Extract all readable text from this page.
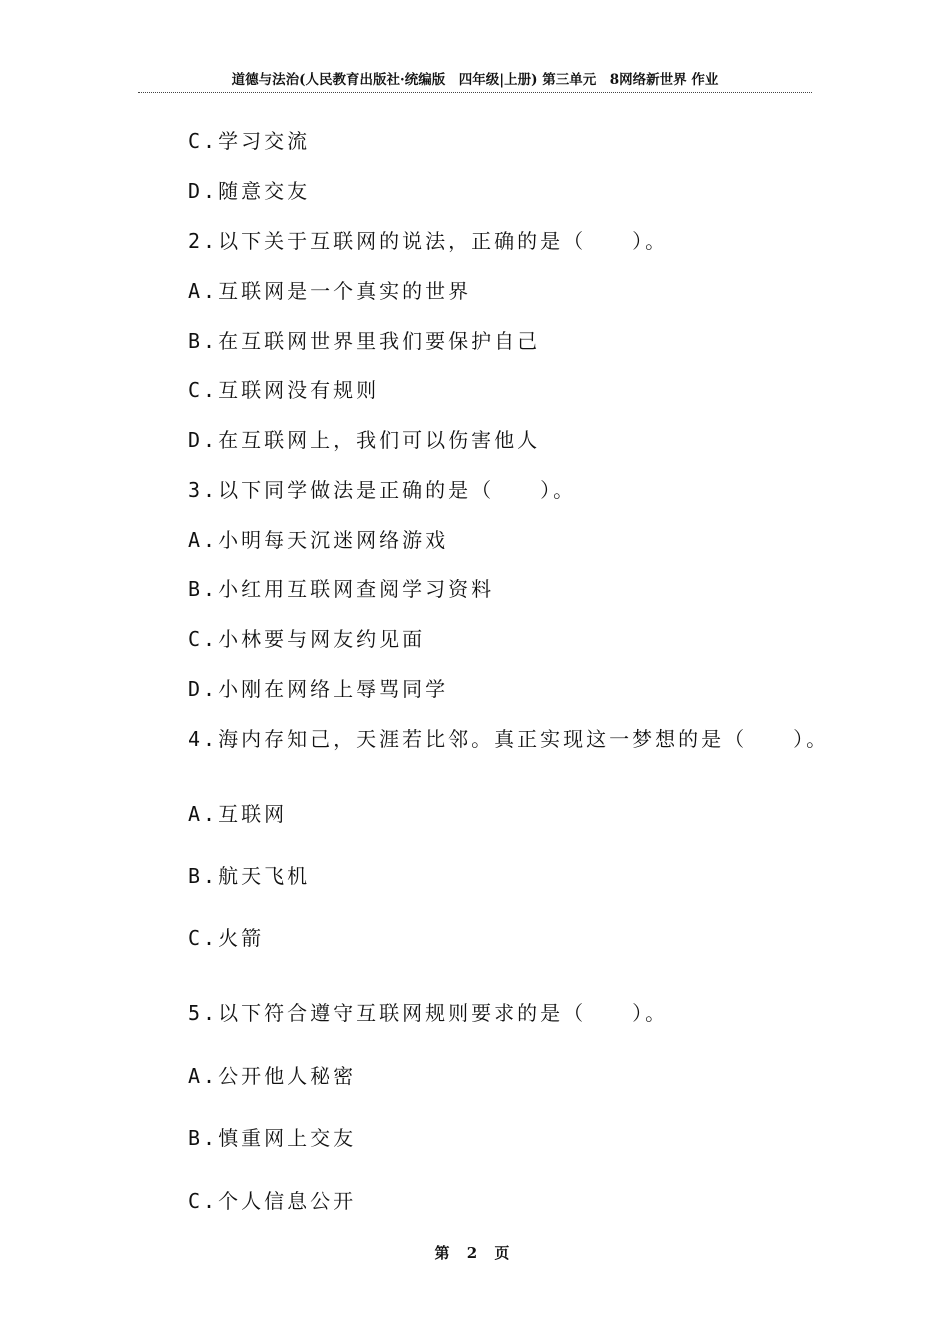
道德与法治(人民教育出版社·统编版　四年级|上册) 第三单元　8网络新世界 作业
C.学习交流
D.随意交友
2.以下关于互联网的说法，正确的是（　　）。
A.互联网是一个真实的世界
B.在互联网世界里我们要保护自己
C.互联网没有规则
D.在互联网上，我们可以伤害他人
3.以下同学做法是正确的是（　　）。
A.小明每天沉迷网络游戏
B.小红用互联网查阅学习资料
C.小林要与网友约见面
D.小刚在网络上辱骂同学
4.海内存知己，天涯若比邻。真正实现这一梦想的是（　　）。
A.互联网
B.航天飞机
C.火箭
5.以下符合遵守互联网规则要求的是（　　）。
A.公开他人秘密
B.慎重网上交友
C.个人信息公开
第 2 页
